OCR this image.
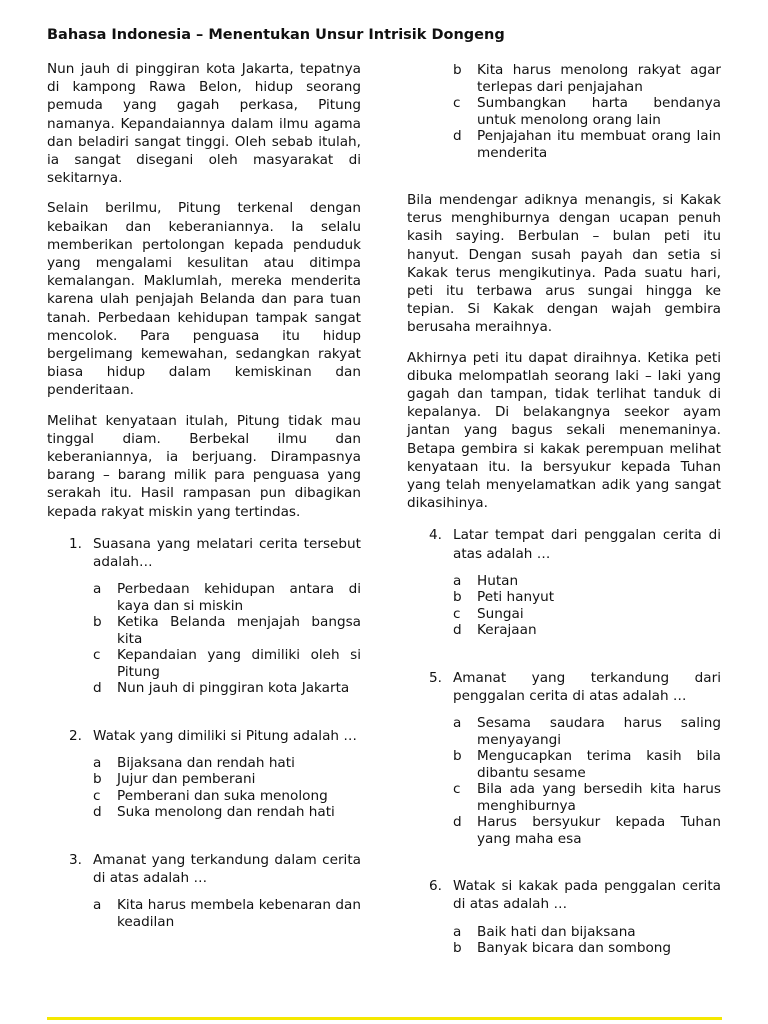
Bahasa Indonesia – Menentukan Unsur Intrisik Dongeng

Nun jauh di pinggiran kota Jakarta, tepatnya di kampong Rawa Belon, hidup seorang pemuda yang gagah perkasa, Pitung namanya. Kepandaiannya dalam ilmu agama dan beladiri sangat tinggi. Oleh sebab itulah, ia sangat disegani oleh masyarakat di sekitarnya.

Selain berilmu, Pitung terkenal dengan kebaikan dan keberaniannya. Ia selalu memberikan pertolongan kepada penduduk yang mengalami kesulitan atau ditimpa kemalangan. Maklumlah, mereka menderita karena ulah penjajah Belanda dan para tuan tanah. Perbedaan kehidupan tampak sangat mencolok. Para penguasa itu hidup bergelimang kemewahan, sedangkan rakyat biasa hidup dalam kemiskinan dan penderitaan.

Melihat kenyataan itulah, Pitung tidak mau tinggal diam. Berbekal ilmu dan keberaniannya, ia berjuang. Dirampasnya barang – barang milik para penguasa yang serakah itu. Hasil rampasan pun dibagikan kepada rakyat miskin yang tertindas.

1. Suasana yang melatari cerita tersebut adalah…
a	Perbedaan kehidupan antara di kaya dan si miskin
b	Ketika Belanda menjajah bangsa kita
c	Kepandaian yang dimiliki oleh si Pitung
d	Nun jauh di pinggiran kota Jakarta
2. Watak yang dimiliki si Pitung adalah …
a	Bijaksana dan rendah hati
b	Jujur dan pemberani
c	Pemberani dan suka menolong
d	Suka menolong dan rendah hati
3. Amanat yang terkandung dalam cerita di atas adalah …
a	Kita harus membela kebenaran dan keadilan
b	Kita harus menolong rakyat agar terlepas dari penjajahan
c	Sumbangkan harta bendanya untuk menolong orang lain
d	Penjajahan itu membuat orang lain menderita

Bila mendengar adiknya menangis, si Kakak terus menghiburnya dengan ucapan penuh kasih saying. Berbulan – bulan peti itu hanyut. Dengan susah payah dan setia si Kakak terus mengikutinya. Pada suatu hari, peti itu terbawa arus sungai hingga ke tepian. Si Kakak dengan wajah gembira berusaha meraihnya.

Akhirnya peti itu dapat diraihnya. Ketika peti dibuka melompatlah seorang laki – laki yang gagah dan tampan, tidak terlihat tanduk di kepalanya. Di belakangnya seekor ayam jantan yang bagus sekali menemaninya. Betapa gembira si kakak perempuan melihat kenyataan itu. Ia bersyukur kepada Tuhan yang telah menyelamatkan adik yang sangat dikasihinya.

4. Latar tempat dari penggalan cerita di atas adalah …
a	Hutan
b	Peti hanyut
c	Sungai
d	Kerajaan
5. Amanat yang terkandung dari penggalan cerita di atas adalah …
a	Sesama saudara harus saling menyayangi
b	Mengucapkan terima kasih bila dibantu sesame
c	Bila ada yang bersedih kita harus menghiburnya
d	Harus bersyukur kepada Tuhan yang maha esa
6. Watak si kakak pada penggalan cerita di atas adalah …
a	Baik hati dan bijaksana
b	Banyak bicara dan sombong
